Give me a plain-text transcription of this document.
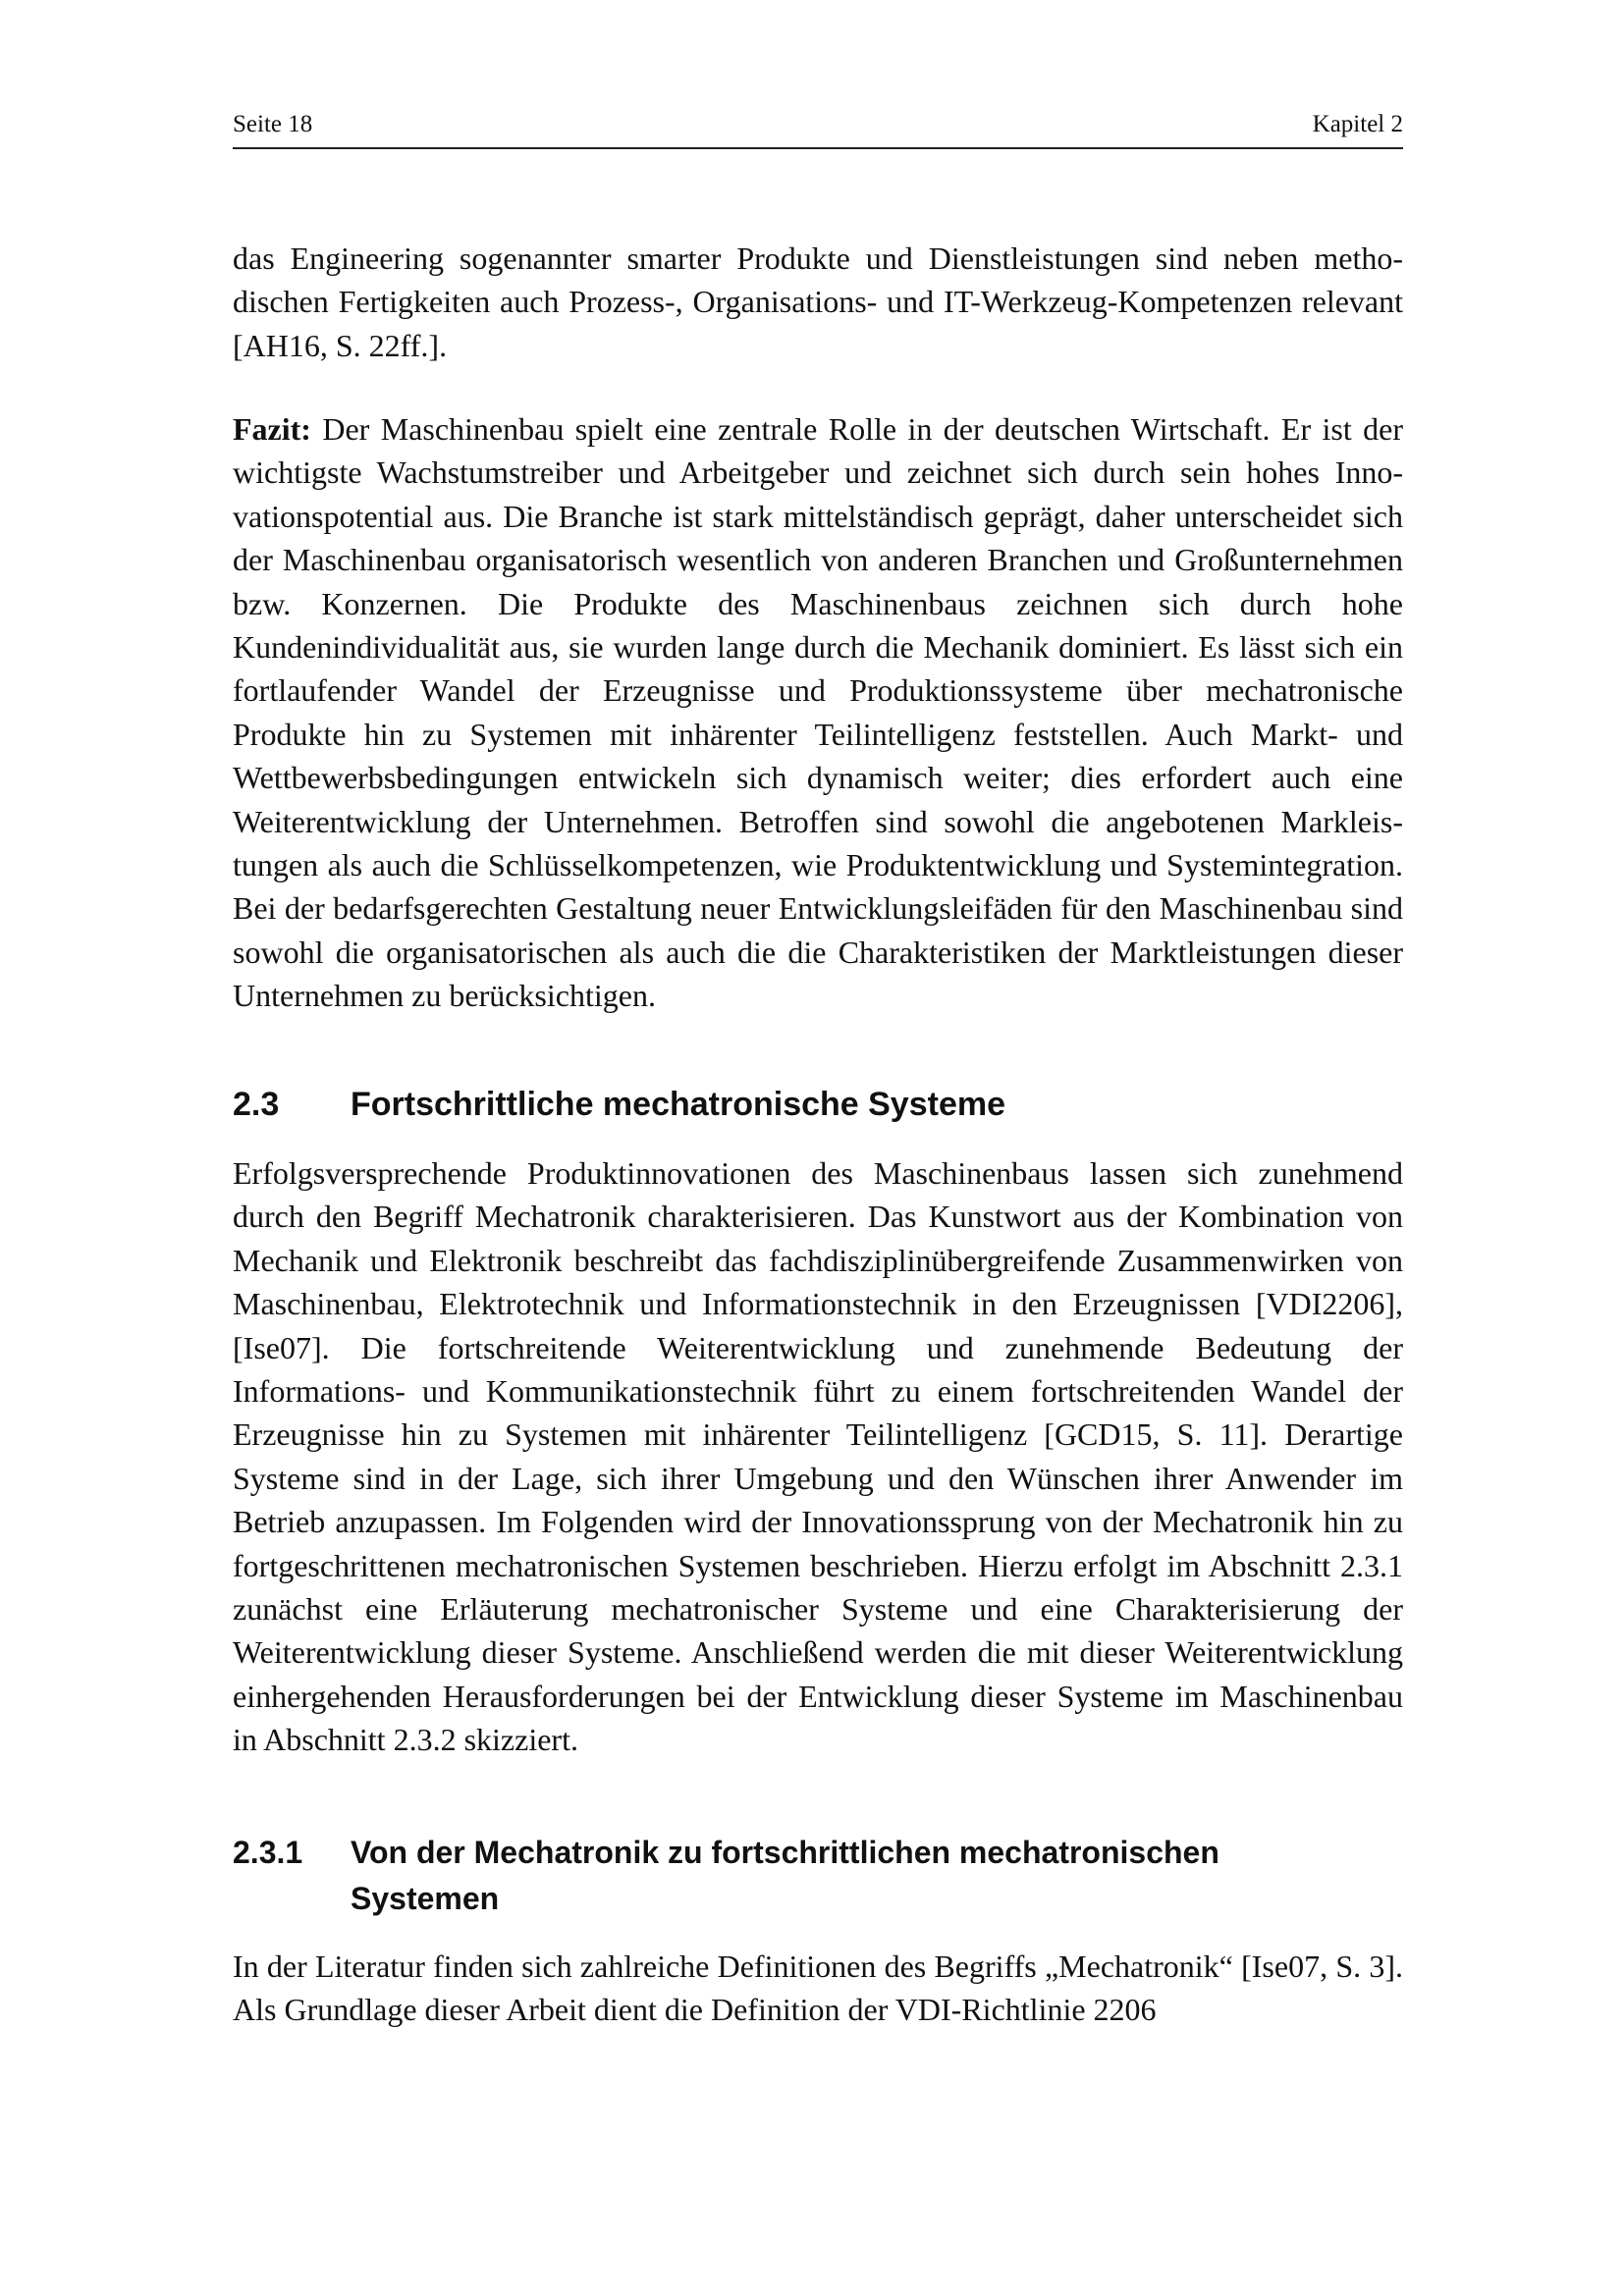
Seite 18	Kapitel 2

das Engineering sogenannter smarter Produkte und Dienstleistungen sind neben methodischen Fertigkeiten auch Prozess-, Organisations- und IT-Werkzeug-Kompetenzen relevant [AH16, S. 22ff.].

Fazit: Der Maschinenbau spielt eine zentrale Rolle in der deutschen Wirtschaft. Er ist der wichtigste Wachstumstreiber und Arbeitgeber und zeichnet sich durch sein hohes Innovationspotential aus. Die Branche ist stark mittelständisch geprägt, daher unterscheidet sich der Maschinenbau organisatorisch wesentlich von anderen Branchen und Großunternehmen bzw. Konzernen. Die Produkte des Maschinenbaus zeichnen sich durch hohe Kundenindividualität aus, sie wurden lange durch die Mechanik dominiert. Es lässt sich ein fortlaufender Wandel der Erzeugnisse und Produktionssysteme über mechatronische Produkte hin zu Systemen mit inhärenter Teilintelligenz feststellen. Auch Markt- und Wettbewerbsbedingungen entwickeln sich dynamisch weiter; dies erfordert auch eine Weiterentwicklung der Unternehmen. Betroffen sind sowohl die angebotenen Markleistungen als auch die Schlüsselkompetenzen, wie Produktentwicklung und Systemintegration. Bei der bedarfsgerechten Gestaltung neuer Entwicklungsleifäden für den Maschinenbau sind sowohl die organisatorischen als auch die die Charakteristiken der Marktleistungen dieser Unternehmen zu berücksichtigen.

2.3	Fortschrittliche mechatronische Systeme

Erfolgsversprechende Produktinnovationen des Maschinenbaus lassen sich zunehmend durch den Begriff Mechatronik charakterisieren. Das Kunstwort aus der Kombination von Mechanik und Elektronik beschreibt das fachdisziplinübergreifende Zusammenwirken von Maschinenbau, Elektrotechnik und Informationstechnik in den Erzeugnissen [VDI2206], [Ise07]. Die fortschreitende Weiterentwicklung und zunehmende Bedeutung der Informations- und Kommunikationstechnik führt zu einem fortschreitenden Wandel der Erzeugnisse hin zu Systemen mit inhärenter Teilintelligenz [GCD15, S. 11]. Derartige Systeme sind in der Lage, sich ihrer Umgebung und den Wünschen ihrer Anwender im Betrieb anzupassen. Im Folgenden wird der Innovationssprung von der Mechatronik hin zu fortgeschrittenen mechatronischen Systemen beschrieben. Hierzu erfolgt im Abschnitt 2.3.1 zunächst eine Erläuterung mechatronischer Systeme und eine Charakterisierung der Weiterentwicklung dieser Systeme. Anschließend werden die mit dieser Weiterentwicklung einhergehenden Herausforderungen bei der Entwicklung dieser Systeme im Maschinenbau in Abschnitt 2.3.2 skizziert.

2.3.1	Von der Mechatronik zu fortschrittlichen mechatronischen Systemen

In der Literatur finden sich zahlreiche Definitionen des Begriffs „Mechatronik“ [Ise07, S. 3]. Als Grundlage dieser Arbeit dient die Definition der VDI-Richtlinie 2206
